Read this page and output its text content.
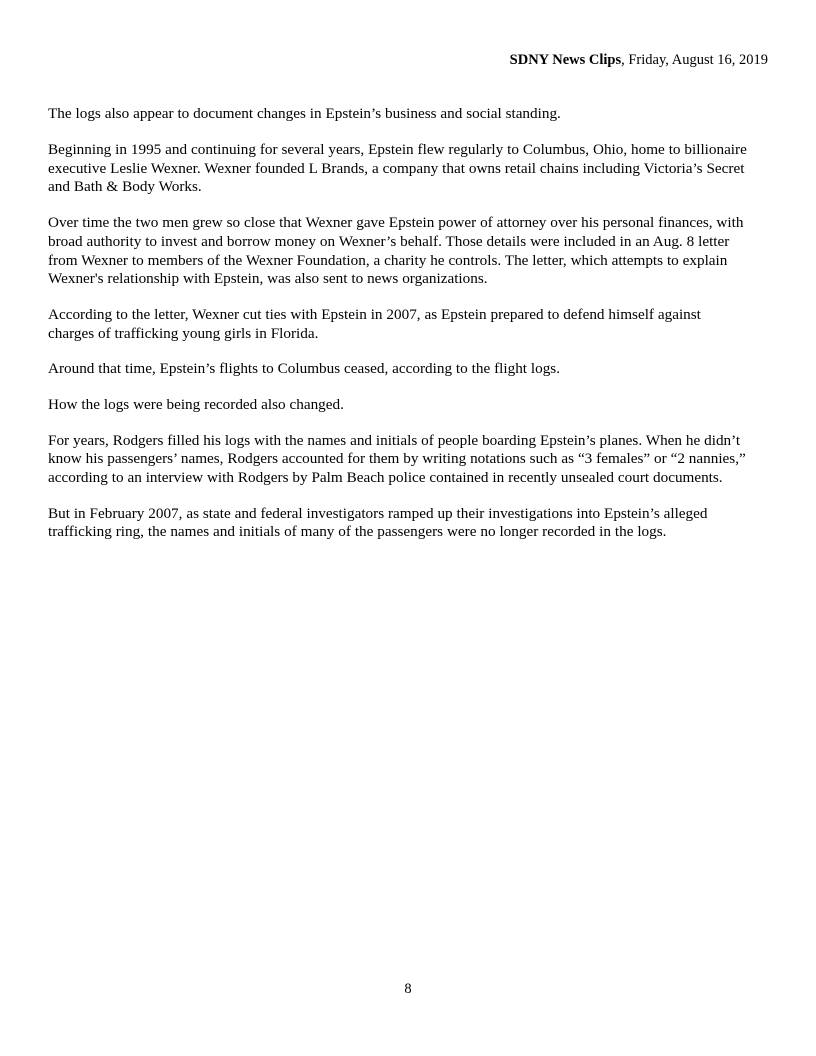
SDNY News Clips, Friday, August 16, 2019

The logs also appear to document changes in Epstein’s business and social standing.

Beginning in 1995 and continuing for several years, Epstein flew regularly to Columbus, Ohio, home to billionaire executive Leslie Wexner. Wexner founded L Brands, a company that owns retail chains including Victoria’s Secret and Bath & Body Works.

Over time the two men grew so close that Wexner gave Epstein power of attorney over his personal finances, with broad authority to invest and borrow money on Wexner’s behalf. Those details were included in an Aug. 8 letter from Wexner to members of the Wexner Foundation, a charity he controls. The letter, which attempts to explain Wexner's relationship with Epstein, was also sent to news organizations.

According to the letter, Wexner cut ties with Epstein in 2007, as Epstein prepared to defend himself against charges of trafficking young girls in Florida.

Around that time, Epstein’s flights to Columbus ceased, according to the flight logs.

How the logs were being recorded also changed.

For years, Rodgers filled his logs with the names and initials of people boarding Epstein’s planes. When he didn’t know his passengers’ names, Rodgers accounted for them by writing notations such as “3 females” or “2 nannies,” according to an interview with Rodgers by Palm Beach police contained in recently unsealed court documents.

But in February 2007, as state and federal investigators ramped up their investigations into Epstein’s alleged trafficking ring, the names and initials of many of the passengers were no longer recorded in the logs.

8
